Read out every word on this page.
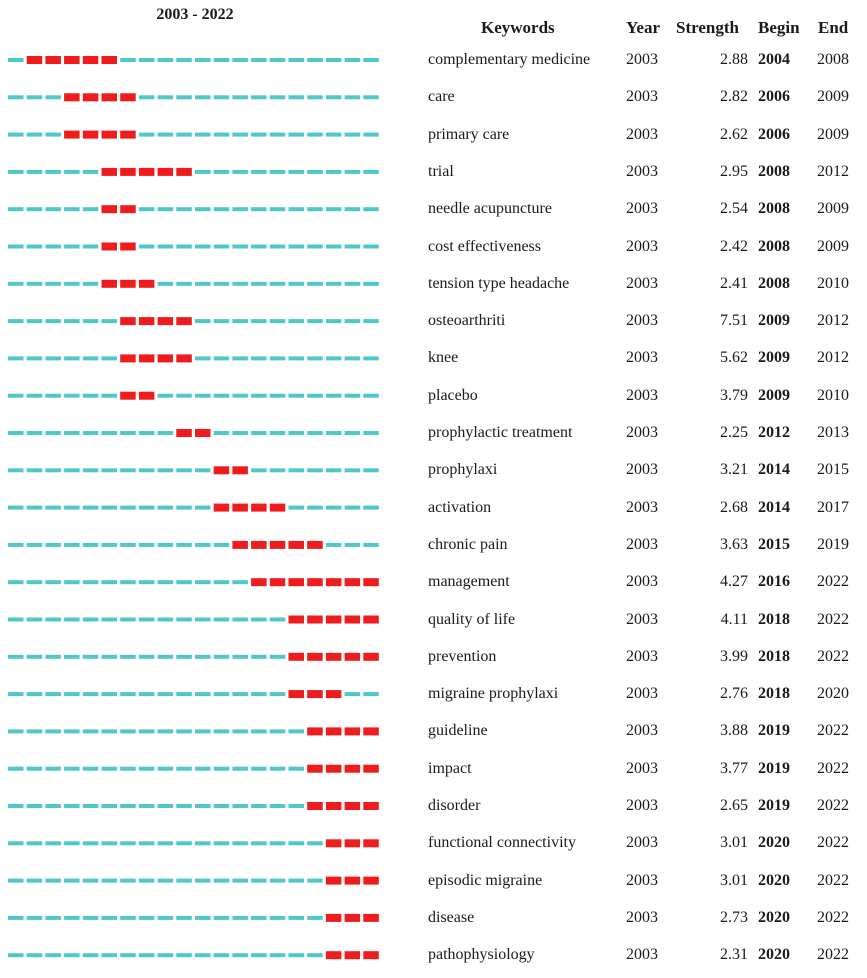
2003 - 2022
Keywords	Year Strength Begin End
complementary medicine 2003	2.88 2004 2008
care	2003	2.82 2006 2009
primary care	2003	2.62 2006 2009
trial	2003	2.95 2008 2012
needle acupuncture	2003	2.54 2008 2009
cost effectiveness	2003	2.42 2008 2009
tension type headache	2003	2.41 2008 2010
osteoarthriti	2003	7.51 2009 2012
knee	2003	5.62 2009 2012
placebo	2003	3.79 2009 2010
prophylactic treatment	2003	2.25 2012 2013
prophylaxi	2003	3.21 2014 2015
activation	2003	2.68 2014 2017
chronic pain	2003	3.63 2015 2019
management	2003	4.27 2016 2022
quality of life	2003	4.11 2018 2022
prevention	2003	3.99 2018 2022
migraine prophylaxi	2003	2.76 2018 2020
guideline	2003	3.88 2019 2022
impact	2003	3.77 2019 2022
disorder	2003	2.65 2019 2022
functional connectivity	2003	3.01 2020 2022
episodic migraine	2003	3.01 2020 2022
disease	2003	2.73 2020 2022
pathophysiology	2003	2.31 2020 2022
